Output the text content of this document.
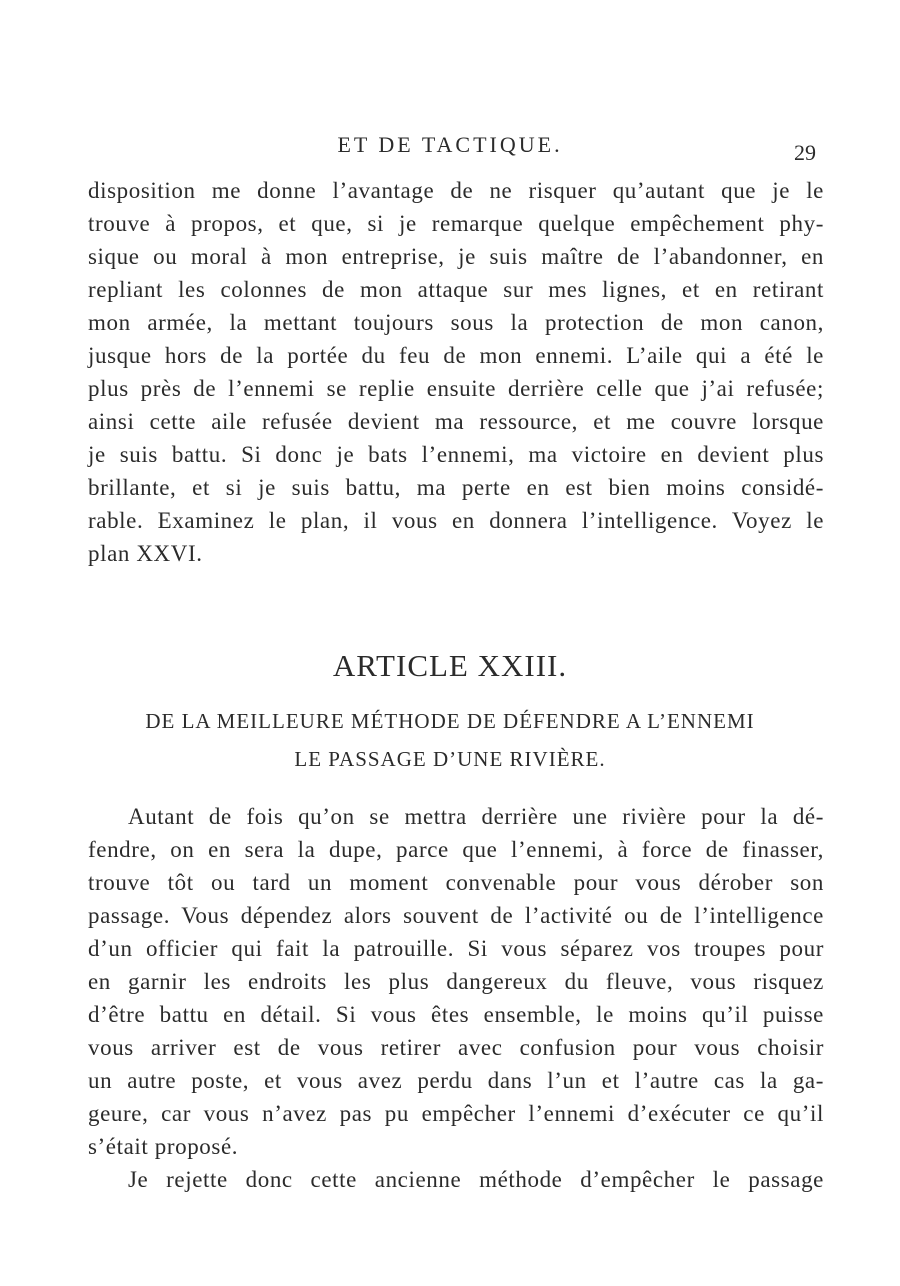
ET DE TACTIQUE.	29

disposition me donne l’avantage de ne risquer qu’autant que je le
trouve à propos, et que, si je remarque quelque empêchement phy-
sique ou moral à mon entreprise, je suis maître de l’abandonner, en
repliant les colonnes de mon attaque sur mes lignes, et en retirant
mon armée, la mettant toujours sous la protection de mon canon,
jusque hors de la portée du feu de mon ennemi. L’aile qui a été le
plus près de l’ennemi se replie ensuite derrière celle que j’ai refusée;
ainsi cette aile refusée devient ma ressource, et me couvre lorsque
je suis battu. Si donc je bats l’ennemi, ma victoire en devient plus
brillante, et si je suis battu, ma perte en est bien moins considé-
rable. Examinez le plan, il vous en donnera l’intelligence. Voyez le
plan XXVI.

ARTICLE XXIII.
DE LA MEILLEURE MÉTHODE DE DÉFENDRE A L’ENNEMI
LE PASSAGE D’UNE RIVIÈRE.

Autant de fois qu’on se mettra derrière une rivière pour la dé-
fendre, on en sera la dupe, parce que l’ennemi, à force de finasser,
trouve tôt ou tard un moment convenable pour vous dérober son
passage. Vous dépendez alors souvent de l’activité ou de l’intelligence
d’un officier qui fait la patrouille. Si vous séparez vos troupes pour
en garnir les endroits les plus dangereux du fleuve, vous risquez
d’être battu en détail. Si vous êtes ensemble, le moins qu’il puisse
vous arriver est de vous retirer avec confusion pour vous choisir
un autre poste, et vous avez perdu dans l’un et l’autre cas la ga-
geure, car vous n’avez pas pu empêcher l’ennemi d’exécuter ce qu’il
s’était proposé.

Je rejette donc cette ancienne méthode d’empêcher le passage
